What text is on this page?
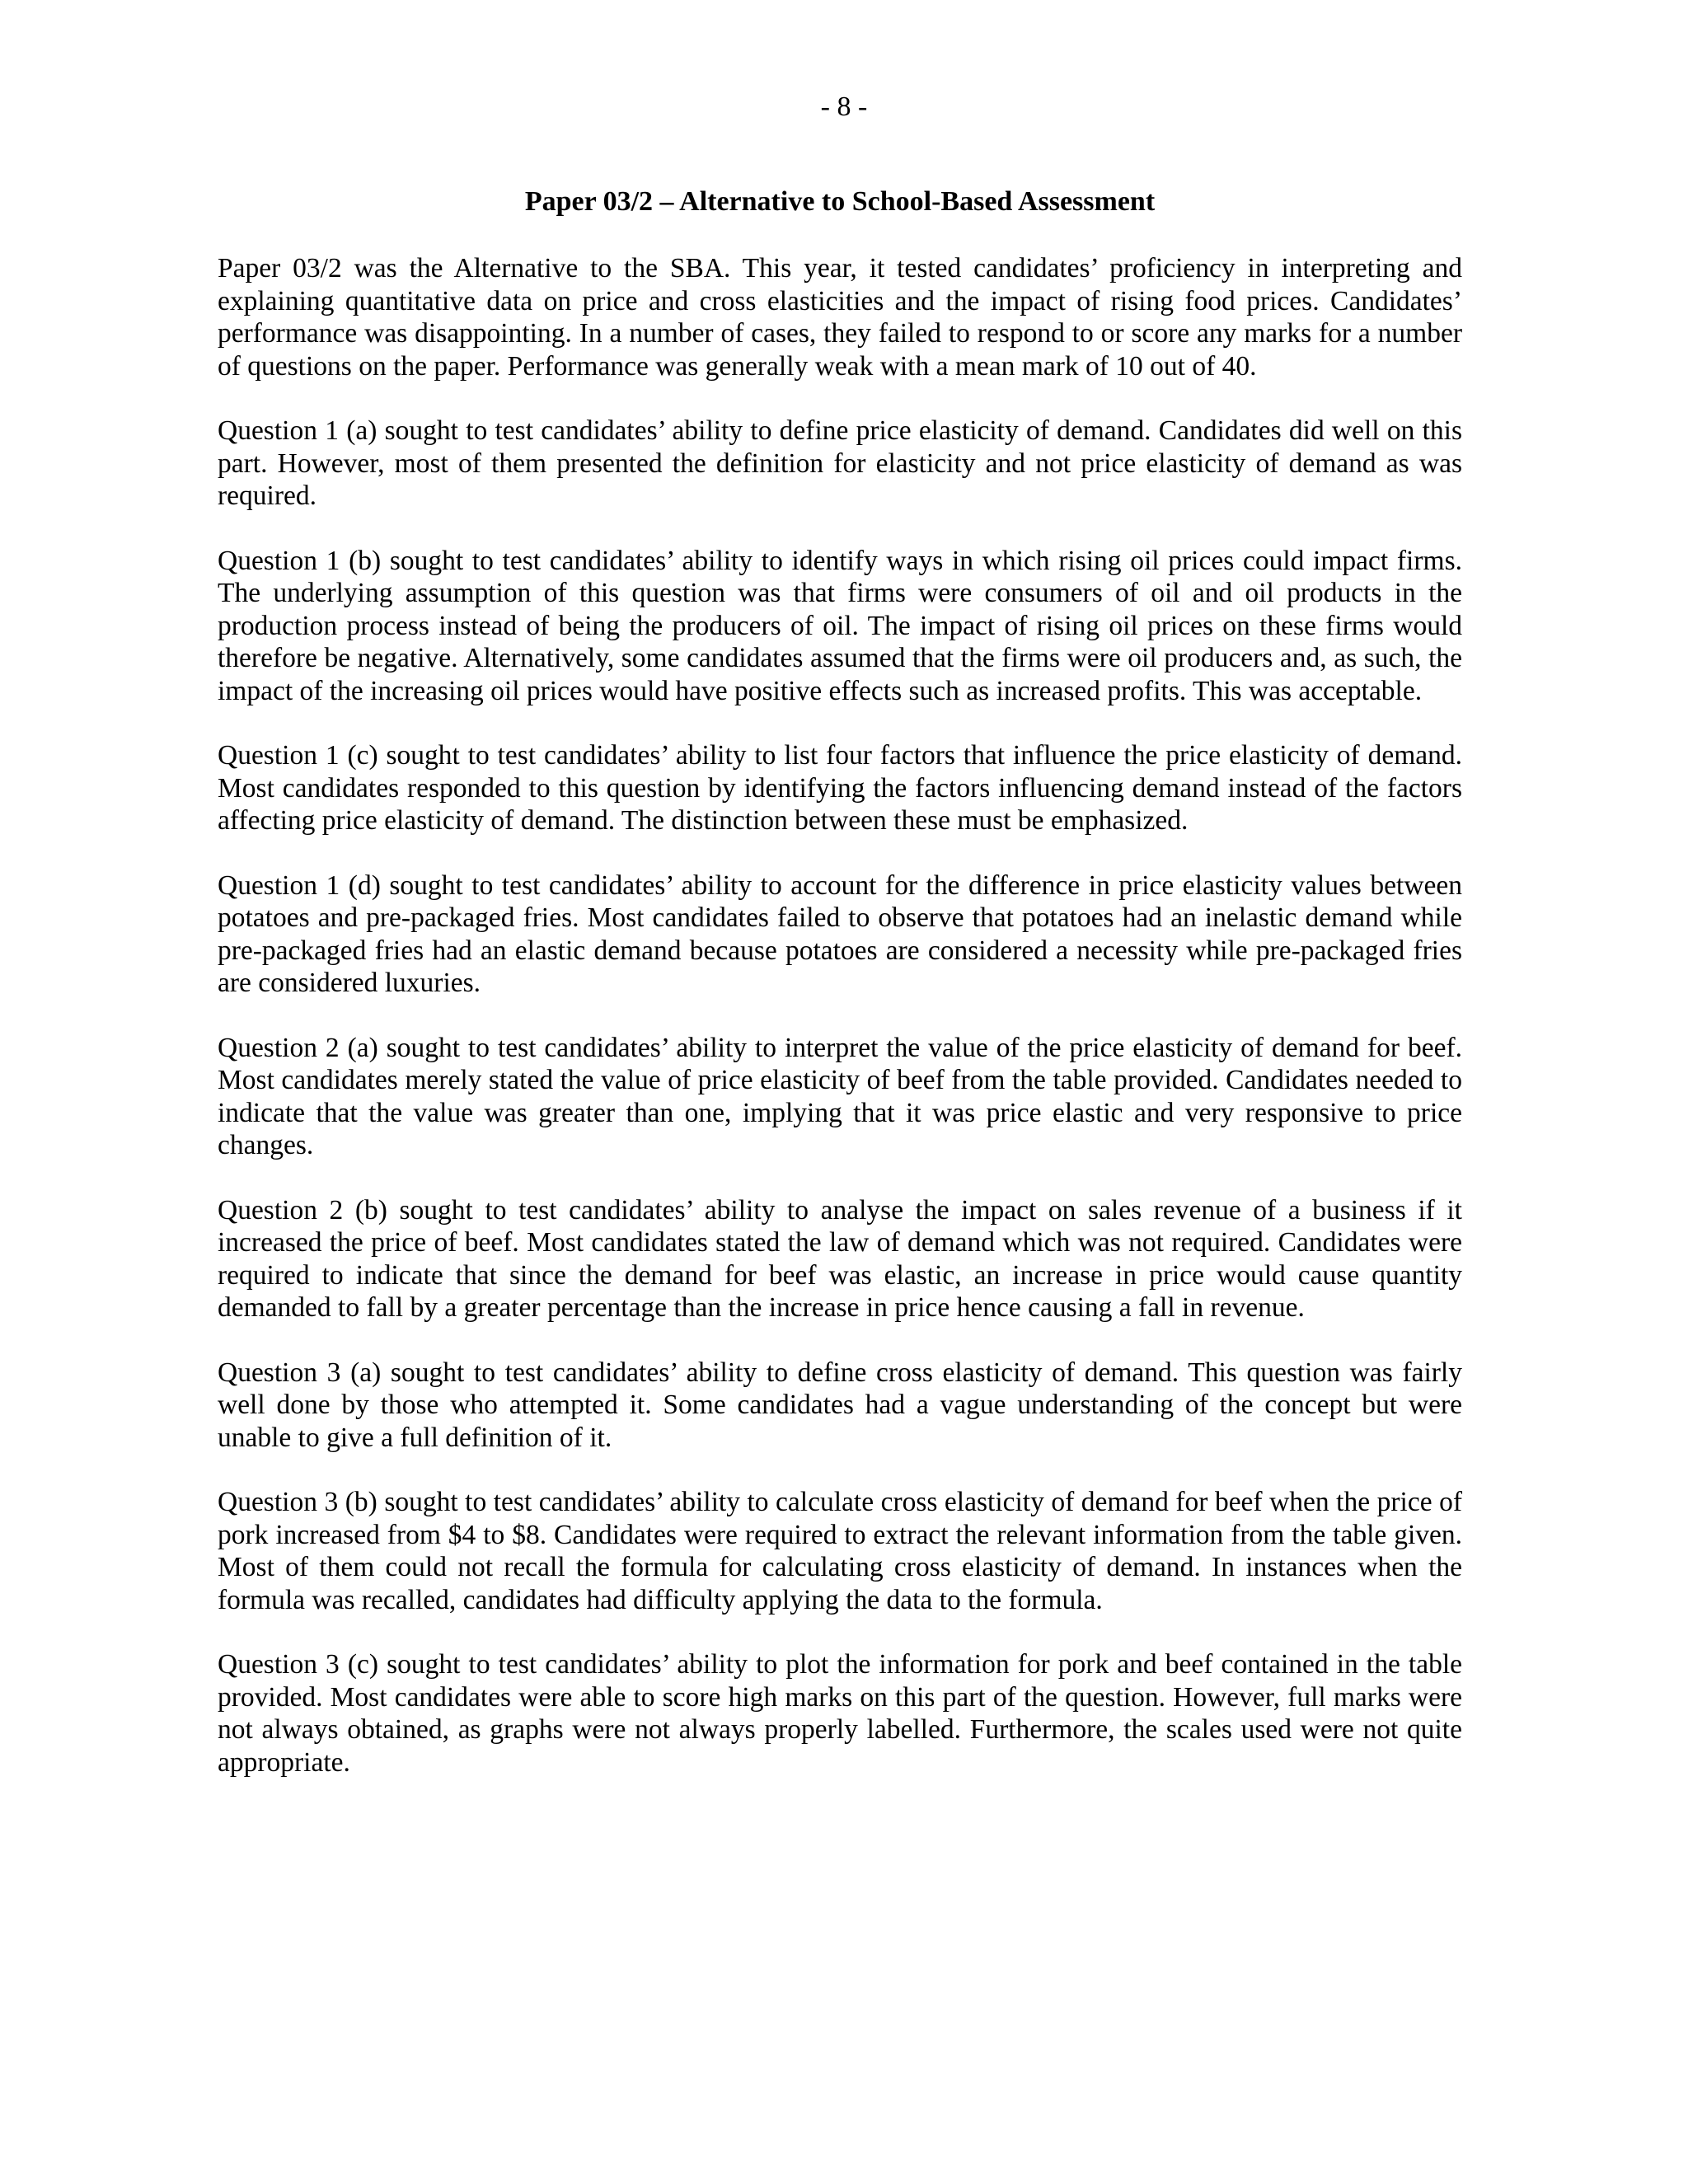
- 8 -
Paper 03/2 – Alternative to School-Based Assessment

Paper 03/2 was the Alternative to the SBA. This year, it tested candidates’ proficiency in interpreting and explaining quantitative data on price and cross elasticities and the impact of rising food prices. Candidates’ performance was disappointing. In a number of cases, they failed to respond to or score any marks for a number of questions on the paper. Performance was generally weak with a mean mark of 10 out of 40.

Question 1 (a) sought to test candidates’ ability to define price elasticity of demand. Candidates did well on this part. However, most of them presented the definition for elasticity and not price elasticity of demand as was required.

Question 1 (b) sought to test candidates’ ability to identify ways in which rising oil prices could impact firms. The underlying assumption of this question was that firms were consumers of oil and oil products in the production process instead of being the producers of oil. The impact of rising oil prices on these firms would therefore be negative. Alternatively, some candidates assumed that the firms were oil producers and, as such, the impact of the increasing oil prices would have positive effects such as increased profits. This was acceptable.

Question 1 (c) sought to test candidates’ ability to list four factors that influence the price elasticity of demand. Most candidates responded to this question by identifying the factors influencing demand instead of the factors affecting price elasticity of demand. The distinction between these must be emphasized.

Question 1 (d) sought to test candidates’ ability to account for the difference in price elasticity values between potatoes and pre-packaged fries. Most candidates failed to observe that potatoes had an inelastic demand while pre-packaged fries had an elastic demand because potatoes are considered a necessity while pre-packaged fries are considered luxuries.

Question 2 (a) sought to test candidates’ ability to interpret the value of the price elasticity of demand for beef. Most candidates merely stated the value of price elasticity of beef from the table provided. Candidates needed to indicate that the value was greater than one, implying that it was price elastic and very responsive to price changes.

Question 2 (b) sought to test candidates’ ability to analyse the impact on sales revenue of a business if it increased the price of beef. Most candidates stated the law of demand which was not required. Candidates were required to indicate that since the demand for beef was elastic, an increase in price would cause quantity demanded to fall by a greater percentage than the increase in price hence causing a fall in revenue.

Question 3 (a) sought to test candidates’ ability to define cross elasticity of demand. This question was fairly well done by those who attempted it. Some candidates had a vague understanding of the concept but were unable to give a full definition of it.

Question 3 (b) sought to test candidates’ ability to calculate cross elasticity of demand for beef when the price of pork increased from $4 to $8. Candidates were required to extract the relevant information from the table given. Most of them could not recall the formula for calculating cross elasticity of demand. In instances when the formula was recalled, candidates had difficulty applying the data to the formula.

Question 3 (c) sought to test candidates’ ability to plot the information for pork and beef contained in the table provided. Most candidates were able to score high marks on this part of the question. However, full marks were not always obtained, as graphs were not always properly labelled. Furthermore, the scales used were not quite appropriate.
